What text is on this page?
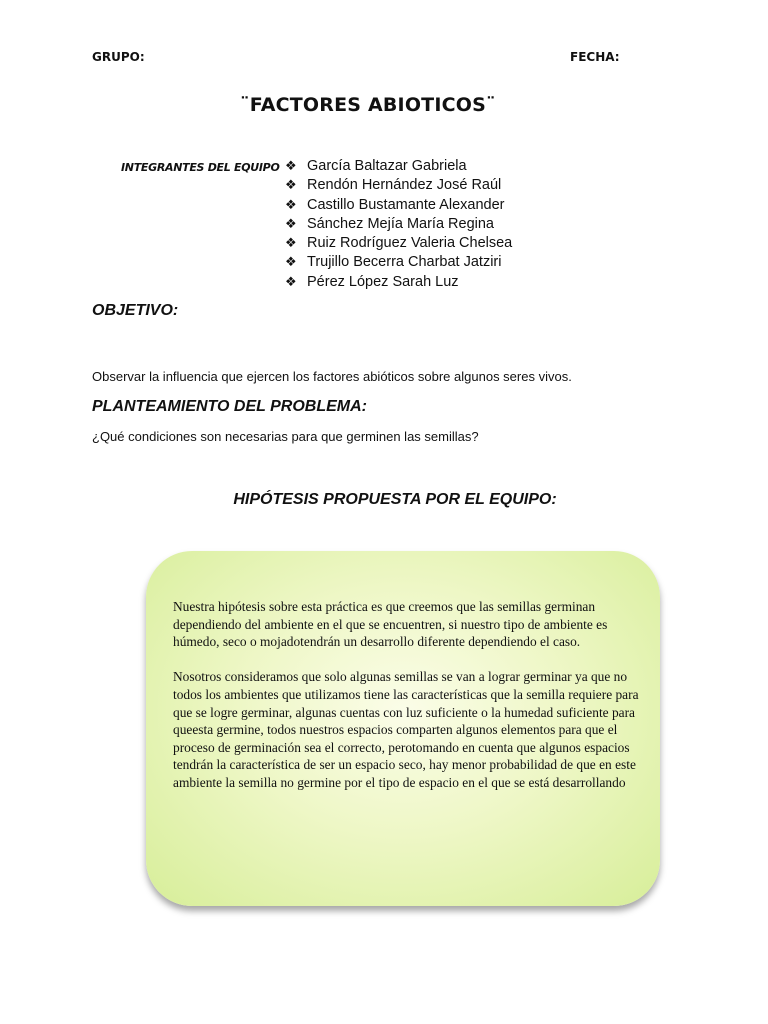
GRUPO:	FECHA:
¨FACTORES ABIOTICOS¨
INTEGRANTES DEL EQUIPO ❖ García Baltazar Gabriela
❖ Rendón Hernández José Raúl
❖ Castillo Bustamante Alexander
❖ Sánchez Mejía María Regina
❖ Ruiz Rodríguez Valeria Chelsea
❖ Trujillo Becerra Charbat Jatziri
❖ Pérez López Sarah Luz
OBJETIVO:
Observar la influencia que ejercen los factores abióticos sobre algunos seres vivos.
PLANTEAMIENTO DEL PROBLEMA:
¿Qué condiciones son necesarias para que germinen las semillas?
HIPÓTESIS PROPUESTA POR EL EQUIPO:

Nuestra hipótesis sobre esta práctica es que creemos que las semillas germinan dependiendo del ambiente en el que se encuentren, si nuestro tipo de ambiente es húmedo, seco o mojadotendrán un desarrollo diferente dependiendo el caso.

Nosotros consideramos que solo algunas semillas se van a lograr germinar ya que no todos los ambientes que utilizamos tiene las características que la semilla requiere para que se logre germinar, algunas cuentas con luz suficiente o la humedad suficiente para queesta germine, todos nuestros espacios comparten algunos elementos para que el proceso de germinación sea el correcto, perotomando en cuenta que algunos espacios tendrán la característica de ser un espacio seco, hay menor probabilidad de que en este ambiente la semilla no germine por el tipo de espacio en el que se está desarrollando
